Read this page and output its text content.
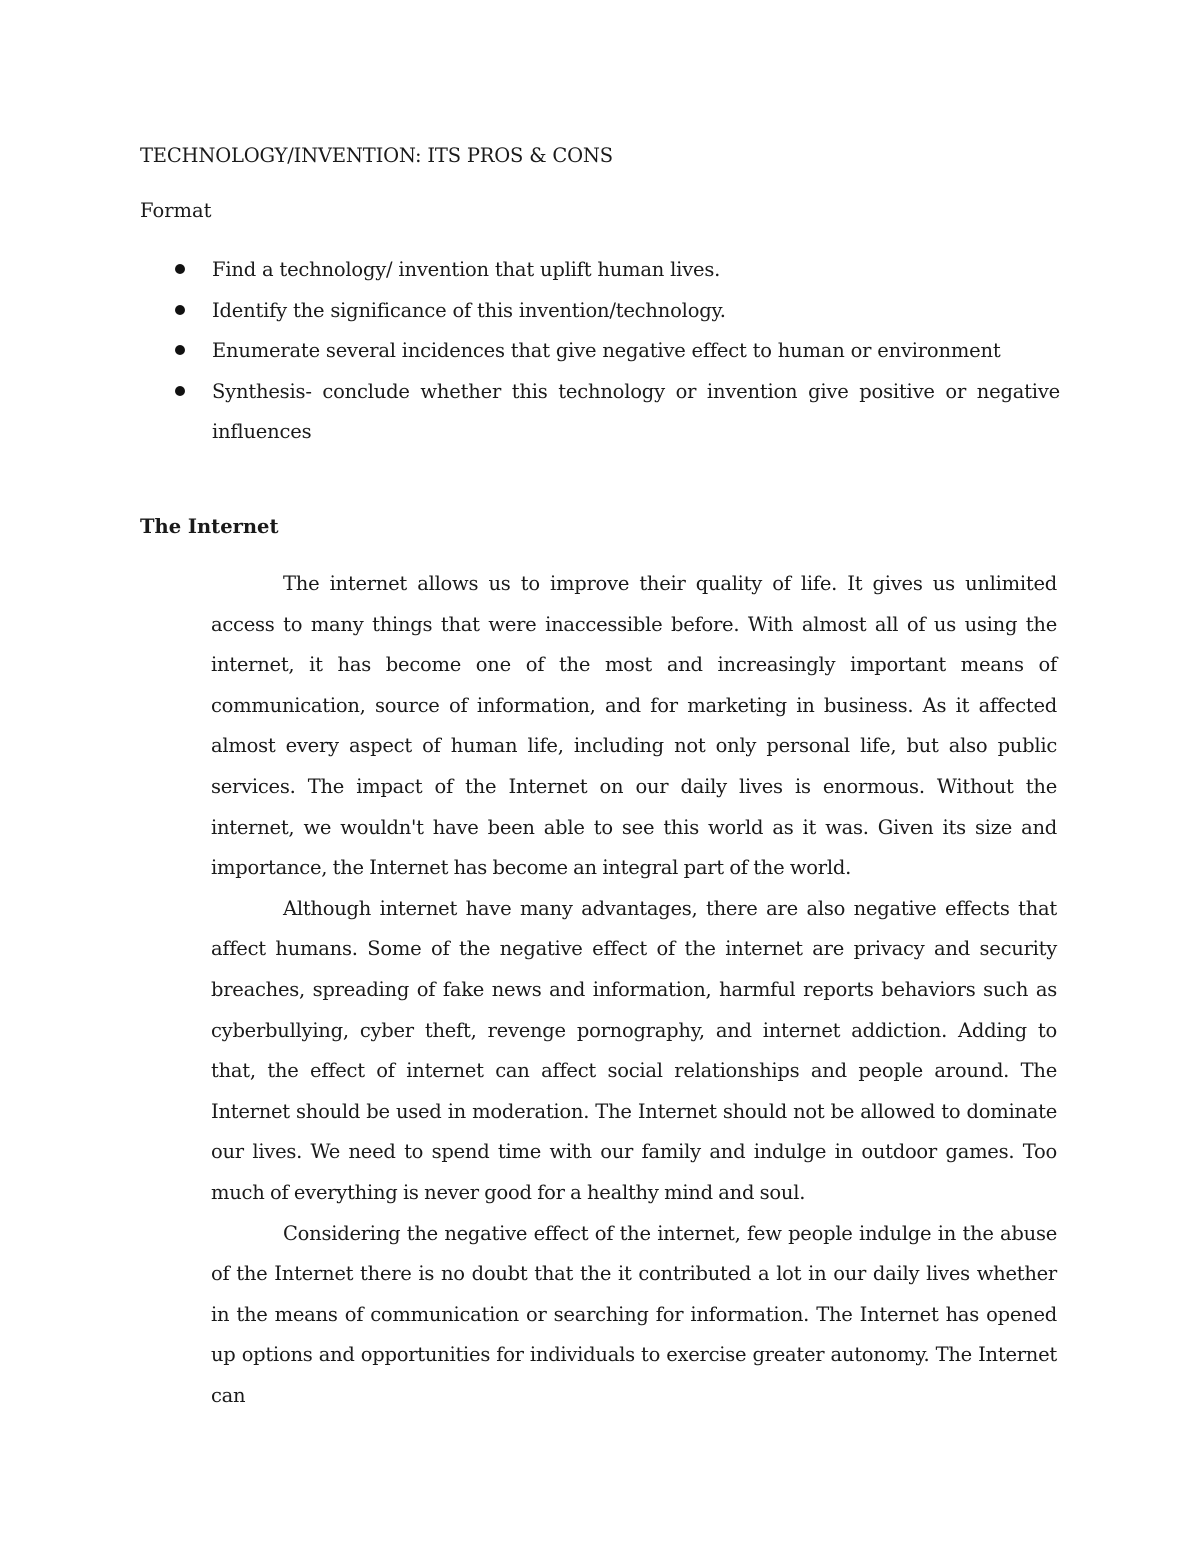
TECHNOLOGY/INVENTION: ITS PROS & CONS
Format
Find a technology/ invention that uplift human lives.
Identify the significance of this invention/technology.
Enumerate several incidences that give negative effect to human or environment
Synthesis- conclude whether this technology or invention give positive or negative influences
The Internet

The internet allows us to improve their quality of life. It gives us unlimited access to many things that were inaccessible before. With almost all of us using the internet, it has become one of the most and increasingly important means of communication, source of information, and for marketing in business. As it affected almost every aspect of human life, including not only personal life, but also public services. The impact of the Internet on our daily lives is enormous. Without the internet, we wouldn't have been able to see this world as it was. Given its size and importance, the Internet has become an integral part of the world.

Although internet have many advantages, there are also negative effects that affect humans. Some of the negative effect of the internet are privacy and security breaches, spreading of fake news and information, harmful reports behaviors such as cyberbullying, cyber theft, revenge pornography, and internet addiction. Adding to that, the effect of internet can affect social relationships and people around. The Internet should be used in moderation. The Internet should not be allowed to dominate our lives. We need to spend time with our family and indulge in outdoor games. Too much of everything is never good for a healthy mind and soul.

Considering the negative effect of the internet, few people indulge in the abuse of the Internet there is no doubt that the it contributed a lot in our daily lives whether in the means of communication or searching for information. The Internet has opened up options and opportunities for individuals to exercise greater autonomy. The Internet can
